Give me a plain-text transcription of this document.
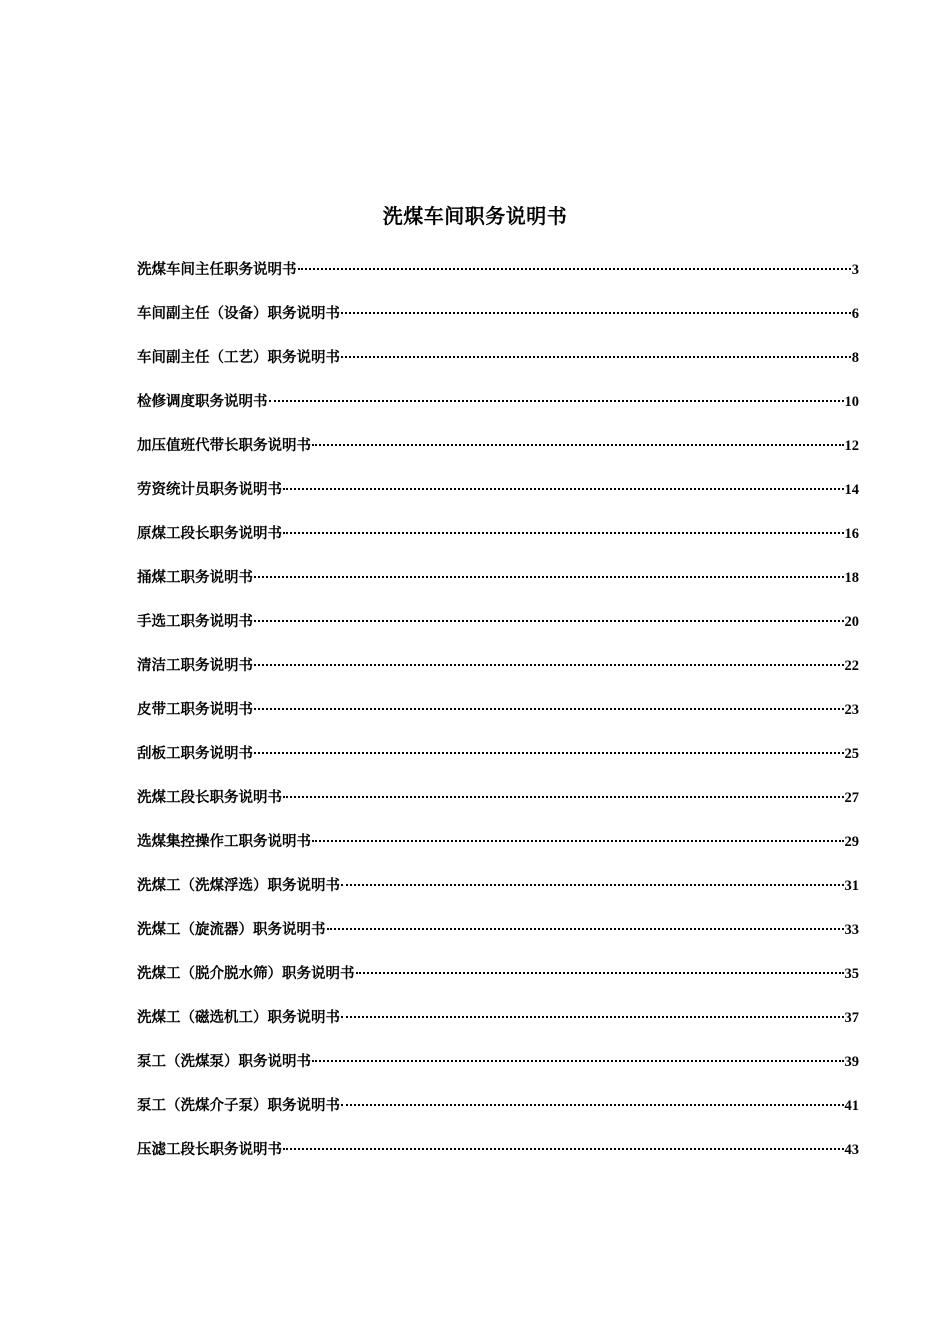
洗煤车间职务说明书
洗煤车间主任职务说明书	3
车间副主任（设备）职务说明书	6
车间副主任（工艺）职务说明书	8
检修调度职务说明书	10
加压值班代带长职务说明书	12
劳资统计员职务说明书	14
原煤工段长职务说明书	16
捅煤工职务说明书	18
手选工职务说明书	20
清洁工职务说明书	22
皮带工职务说明书	23
刮板工职务说明书	25
洗煤工段长职务说明书	27
选煤集控操作工职务说明书	29
洗煤工（洗煤浮选）职务说明书	31
洗煤工（旋流器）职务说明书	33
洗煤工（脱介脱水筛）职务说明书	35
洗煤工（磁选机工）职务说明书	37
泵工（洗煤泵）职务说明书	39
泵工（洗煤介子泵）职务说明书	41
压滤工段长职务说明书	43
